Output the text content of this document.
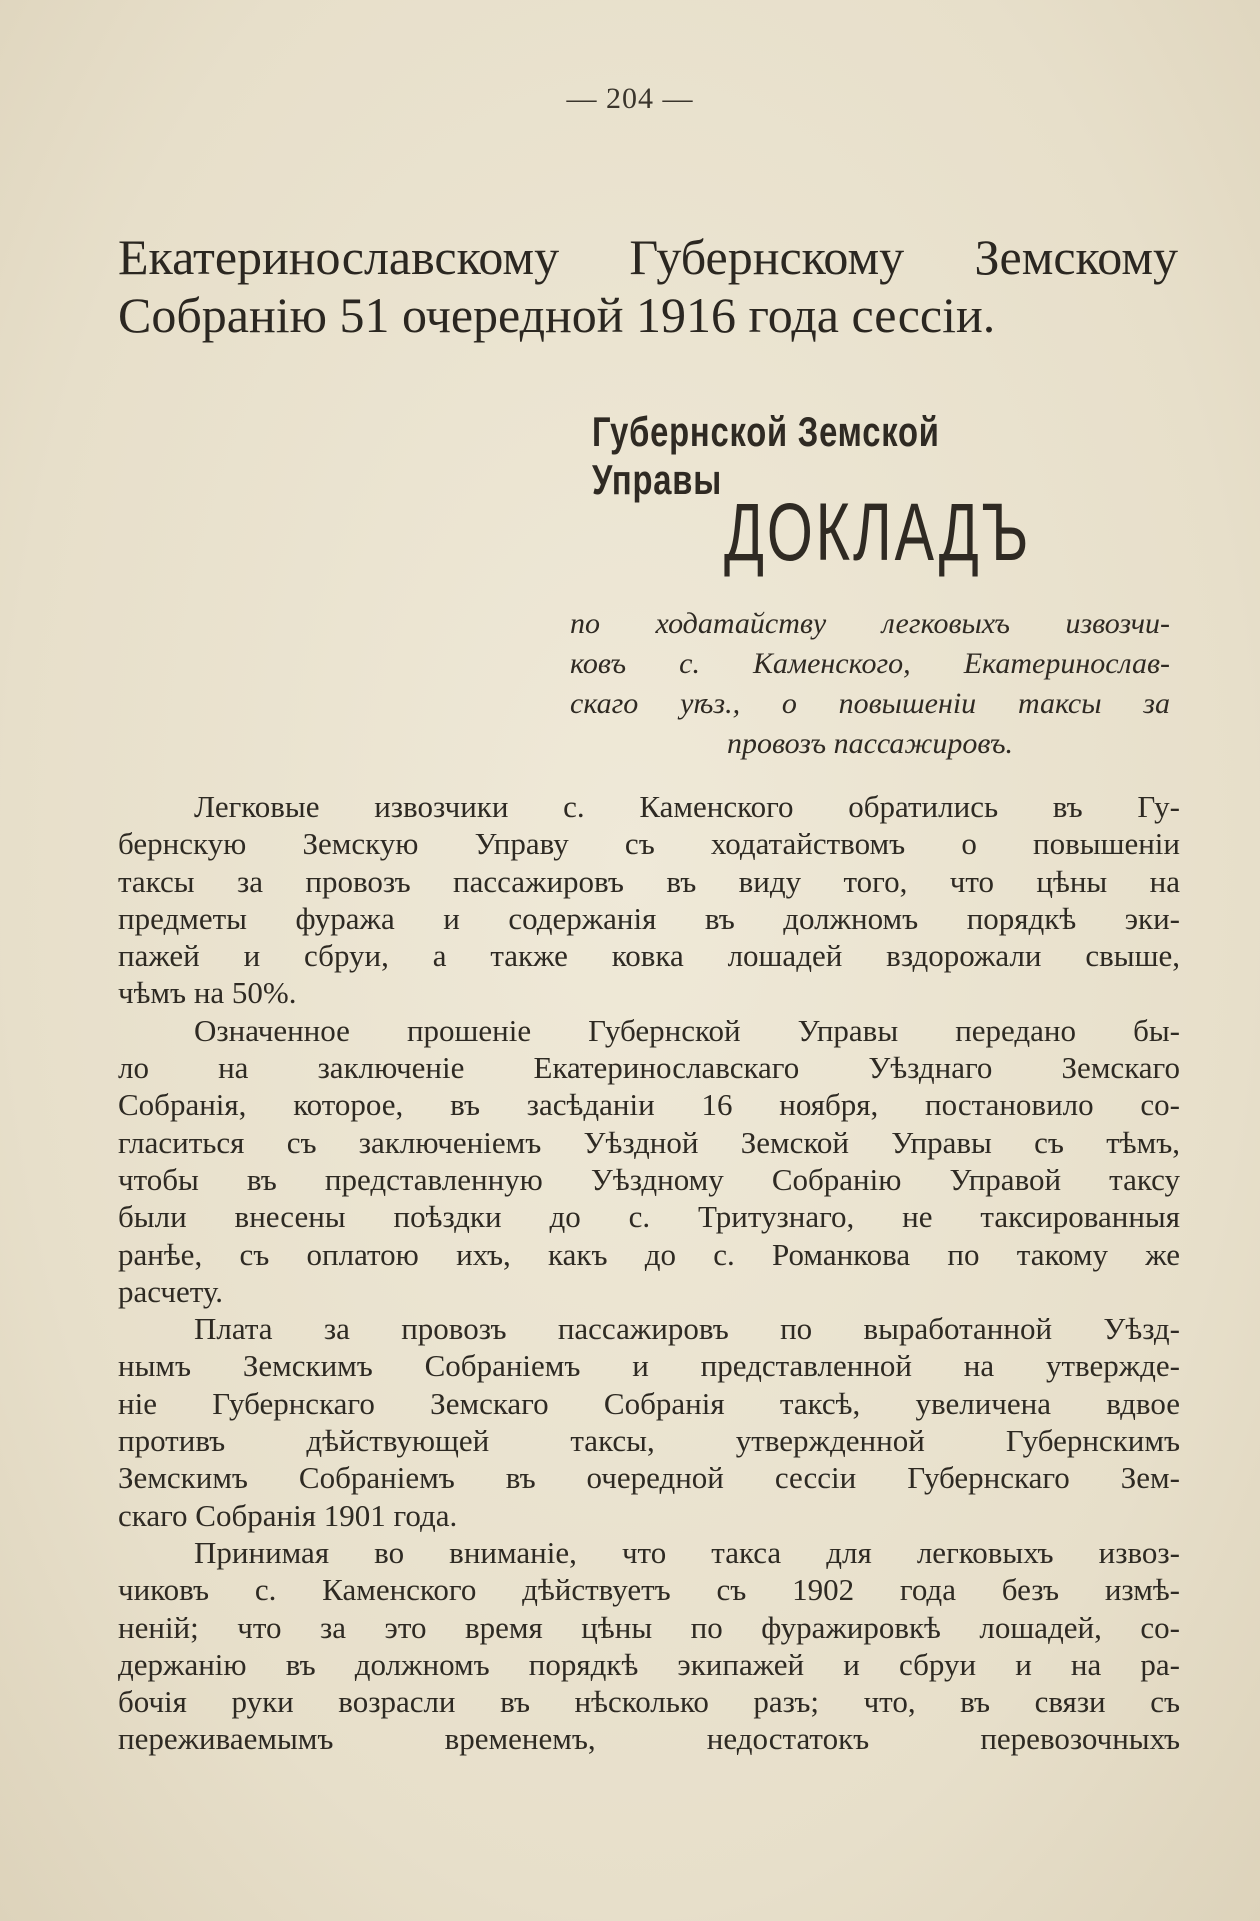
— 204 —
Екатеринославскому Губернскому Земскому Собранію 51 очередной 1916 года сессіи.
Губернской Земской Управы
ДОКЛАДЪ
по ходатайству легковыхъ извозчи-
ковъ с. Каменского, Екатеринослав-
скаго уѣз., о повышеніи таксы за
провозъ пассажировъ.
Легковые извозчики с. Каменского обратились въ Гу-
бернскую Земскую Управу съ ходатайствомъ о повышеніи
таксы за провозъ пассажировъ въ виду того, что цѣны на
предметы фуража и содержанія въ должномъ порядкѣ эки-
пажей и сбруи, а также ковка лошадей вздорожали свыше,
чѣмъ на 50%.
Означенное прошеніе Губернской Управы передано бы-
ло на заключеніе Екатеринославскаго Уѣзднаго Земскаго
Собранія, которое, въ засѣданіи 16 ноября, постановило со-
гласиться съ заключеніемъ Уѣздной Земской Управы съ тѣмъ,
чтобы въ представленную Уѣздному Собранію Управой таксу
были внесены поѣздки до с. Тритузнаго, не таксированныя
ранѣе, съ оплатою ихъ, какъ до с. Романкова по такому же
расчету.
Плата за провозъ пассажировъ по выработанной Уѣзд-
нымъ Земскимъ Собраніемъ и представленной на утвержде-
ніе Губернскаго Земскаго Собранія таксѣ, увеличена вдвое
противъ дѣйствующей таксы, утвержденной Губернскимъ
Земскимъ Собраніемъ въ очередной сессіи Губернскаго Зем-
скаго Собранія 1901 года.
Принимая во вниманіе, что такса для легковыхъ извоз-
чиковъ с. Каменского дѣйствуетъ съ 1902 года безъ измѣ-
неній; что за это время цѣны по фуражировкѣ лошадей, со-
держанію въ должномъ порядкѣ экипажей и сбруи и на ра-
бочія руки возрасли въ нѣсколько разъ; что, въ связи съ
переживаемымъ временемъ, недостатокъ перевозочныхъ
